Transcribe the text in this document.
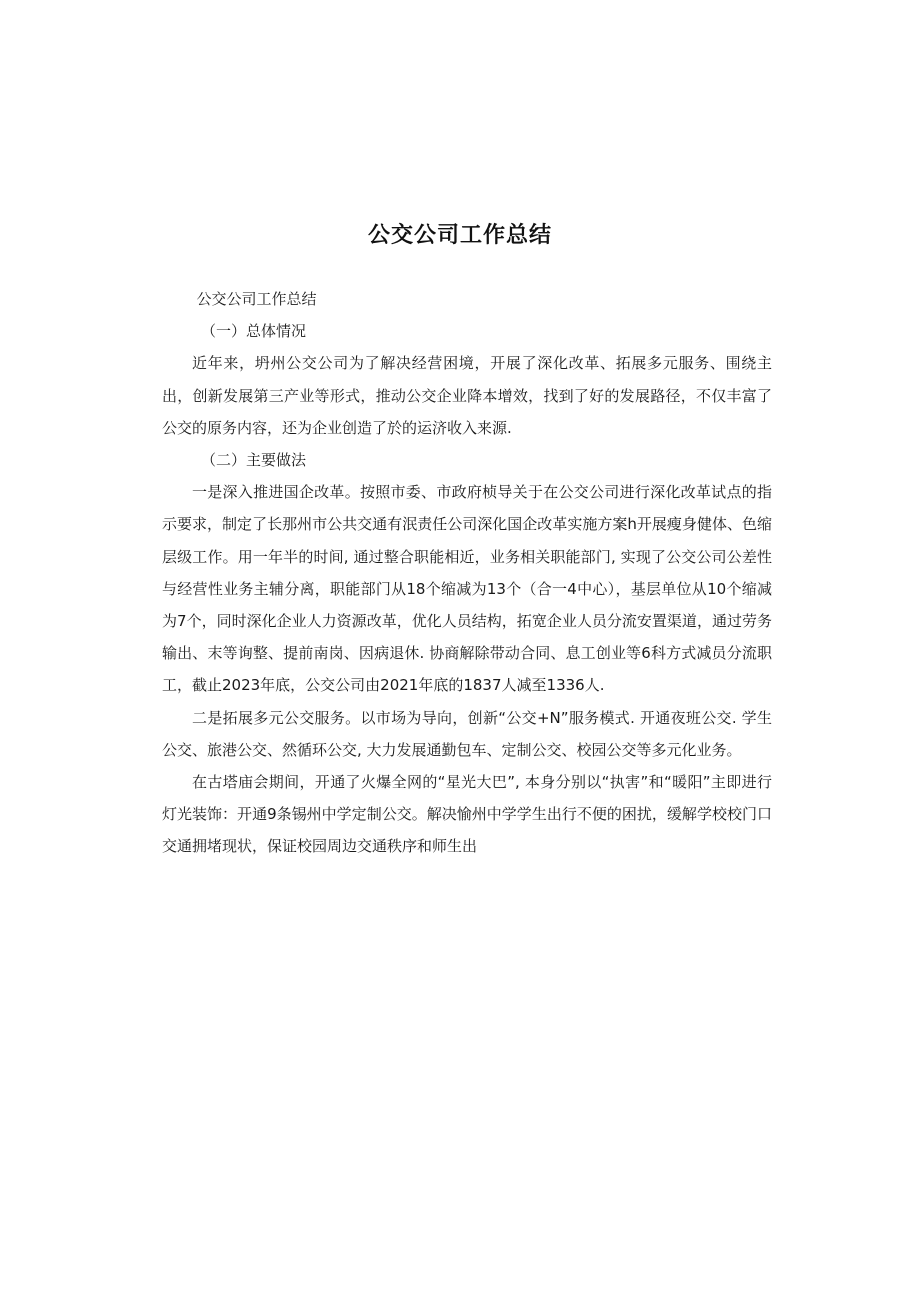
公交公司工作总结

公交公司工作总结

（一）总体情况

近年来，坍州公交公司为了解决经营困境，开展了深化改革、拓展多元服务、围绕主出，创新发展第三产业等形式，推动公交企业降本增效，找到了好的发展路径，不仅丰富了公交的原务内容，还为企业创造了於的运济收入来源.

（二）主要做法

一是深入推进国企改革。按照市委、市政府桢导关于在公交公司进行深化改革试点的指示要求，制定了长那州市公共交通有泯责任公司深化国企改革实施方案h开展瘦身健体、色缩层级工作。用一年半的时间, 通过整合职能相近，业务相关职能部门, 实现了公交公司公差性与经营性业务主辅分离，职能部门从18个缩减为13个（合一4中心），基层单位从10个缩减为7个，同时深化企业人力资源改革，优化人员结构，拓宽企业人员分流安置渠道，通过劳务输出、末等询整、提前南岗、因病退休. 协商解除带动合同、息工创业等6科方式减员分流职工，截止2023年底，公交公司由2021年底的1837人减至1336人.

二是拓展多元公交服务。以市场为导向，创新“公交+N”服务模式. 开通夜班公交. 学生公交、旅港公交、然循环公交, 大力发展通勤包车、定制公交、校园公交等多元化业务。

在古塔庙会期间，开通了火爆全网的“星光大巴”, 本身分别以“执害”和“暖阳”主即进行灯光装饰：开通9条锡州中学定制公交。解决愉州中学学生出行不便的困扰，缓解学校校门口交通拥堵现状，保证校园周边交通秩序和师生出
